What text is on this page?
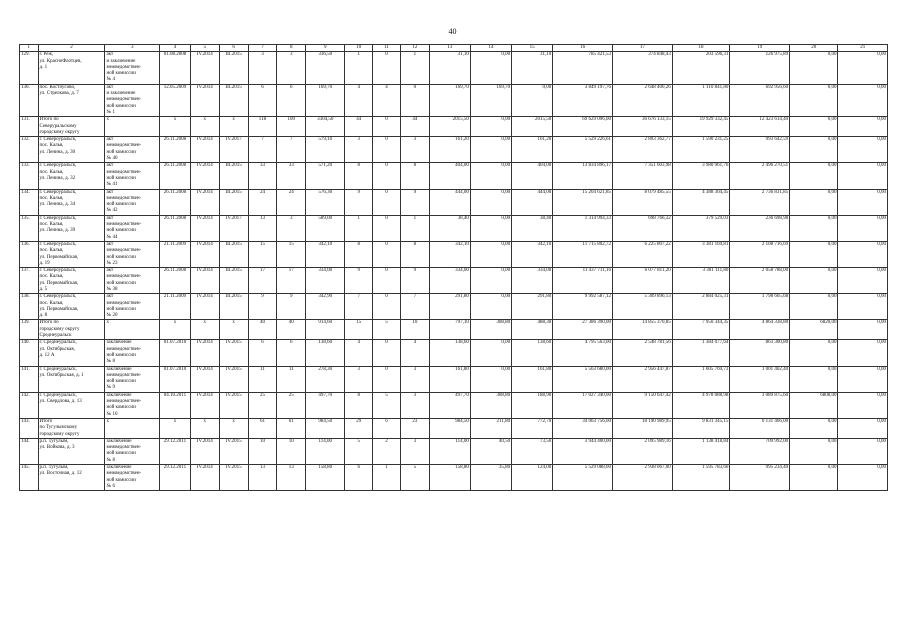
40
1	2	3	4	5	6	7	8	9	10	11	12	13	14	15	16	17	18	19	20	21
129.	г. Реж,
ул. КрасноФлотцев,
д. 1	акт
и заключение
межведомствен-
ной комиссии
№ 4	01.08.2008	IV.2014	III.2015	3	3	336,50	1	0	1	31,10	0,00	31,10	785 421,53	374 848,43	203 596,31	126 975,89	0,00	0,00
130.	пос. Костоусово,
ул. Стрелкова, д. 7	акт
и заключение
межведомствен-
ной комиссии
№ 1	12.05.2009	IV.2014	III.2015	6	6	169,70	4	4	0	169,70	169,70	0,00	3 849 197,76	2 648 400,26	1 110 841,80	692 956,60	0,00	0,00
131.	Итого по
Северуральскому
городскому округу	x	x	x	x	118	109	3304,50	44	0	44	2015,50	0,00	2015,50	69 629 096,00	36 676 133,15	19 929 332,45	12 423 614,40	0,00	0,00
132.	г. Североуральск,
пос. Калья,
ул. Ленина, д. 30	акт
межведомствен-
ной комиссии
№ 40	26.11.2008	IV.2014	IV.2017	7	7	579,10	3	0	3	161,20	0,00	161,20	5 529 226,61	2 893 362,77	1 590 231,25	993 642,59	0,00	0,00
133.	г. Североуральск,
пос. Калья,
ул. Ленина, д. 32	акт
межведомствен-
ной комиссии
№ 41	26.11.2008	IV.2014	III.2015	33	33	571,20	8	0	8	404,00	0,00	404,00	13 834 896,17	7 351 603,98	3 980 961,76	2 496 270,51	0,00	0,00
134.	г. Североуральск,
пос. Калья,
ул. Ленина, д. 34	акт
межведомствен-
ной комиссии
№ 42	26.11.2008	IV.2014	III.2015	24	24	576,30	9	0	9	444,00	0,00	444,00	15 204 621,85	8 079 485,55	4 388 304,45	2 736 831,85	0,00	0,00
135.	г. Североуральск,
пос. Калья,
ул. Ленина, д. 39	акт
межведомствен-
ной комиссии
№ 44	26.11.2008	IV.2014	IV.2017	13	3	589,00	1	0	1	38,40	0,00	38,40	1 314 994,33	698 766,32	379 529,03	236 698,98	0,00	0,00
136.	г. Североуральск,
пос. Калья,
ул. Первомайская,
д. 19	акт
межведомствен-
ной комиссии
№ 23	21.11.2009	IV.2014	III.2015	15	15	342,10	8	0	8	342,10	0,00	342,10	11 715 802,72	6 225 807,22	3 381 169,81	2 108 716,69	0,00	0,00
137.	г. Североуральск,
пос. Калья,
ул. Первомайская,
д. 5	акт
межведомствен-
ной комиссии
№ 38	26.11.2008	IV.2014	III.2015	17	17	334,00	9	0	9	334,00	0,00	334,00	11 437 711,16	6 077 811,20	3 301 111,80	2 058 788,00	0,00	0,00
138.	г. Североуральск,
пос. Калья,
ул. Первомайская,
д. 8	акт
межведомствен-
ной комиссии
№ 20	21.11.2009	IV.2014	III.2015	9	9	342,90	7	0	7	291,80	0,00	291,80	9 992 587,12	5 309 896,13	2 884 025,31	1 798 665,68	0,00	0,00
139.	Итого по
городскому округу
Среднеуральск	x	x	x	x	40	40	914,60	15	5	10	797,10	308,80	488,30	27 386 390,00	14 855 370,85	7 950 344,35	4 864 338,80	6820,00	0,00
140.	г. Среднеуральск,
ул. Октябрьская,
д. 12 А	заключение
межведомствен-
ной комиссии
№ 8	01.07.2010	IV.2014	IV.2015	6	6	138,60	4	0	4	138,60	0,00	138,60	4 795 563,00	2 548 781,56	1 384 077,64	863 300,80	0,00	0,00
141.	г. Среднеуральск,
ул. Октябрьская, д. 1	заключение
межведомствен-
ной комиссии
№ 9	01.07.2010	IV.2014	IV.2015	11	11	278,30	3	0	3	161,80	0,00	161,80	5 563 680,00	2 956 447,87	1 605 769,73	1 001 462,40	0,00	0,00
142.	г. Среднеуральск,
ул. Свердлова, д. 13	заключение
межведомствен-
ной комиссии
№ 10	04.10.2011	IV.2014	IV.2015	25	25	497,70	8	5	3	497,70	308,80	188,90	17 027 340,00	9 150 647,42	4 978 088,98	3 089 875,60	6808,00	0,00
143.	Итого
по Тугулымскому
городскому округу	x	x	x	x	61	61	984,50	29	6	23	984,50	211,80	772,70	34 063 756,00	18 190 989,95	9 831 345,15	6 131 466,00	0,00	0,00
144.	р.п. Тугулым,
ул. Войкова, д. 3	заключение
межведомствен-
ной комиссии
№ 8	29.12.2011	IV.2014	IV.2015	10	10	114,00	5	2	3	114,00	40,50	73,50	3 944 400,00	2 095 989,16	1 138 418,84	709 992,00	0,00	0,00
145.	р.п. Тугулым,
ул. Восточная, д. 12	заключение
межведомствен-
ной комиссии
№ 6	29.12.2011	IV.2014	IV.2015	13	13	158,80	6	1	5	158,80	35,80	124,00	5 529 088,00	2 938 067,00	1 595 783,60	995 234,40	0,00	0,00
